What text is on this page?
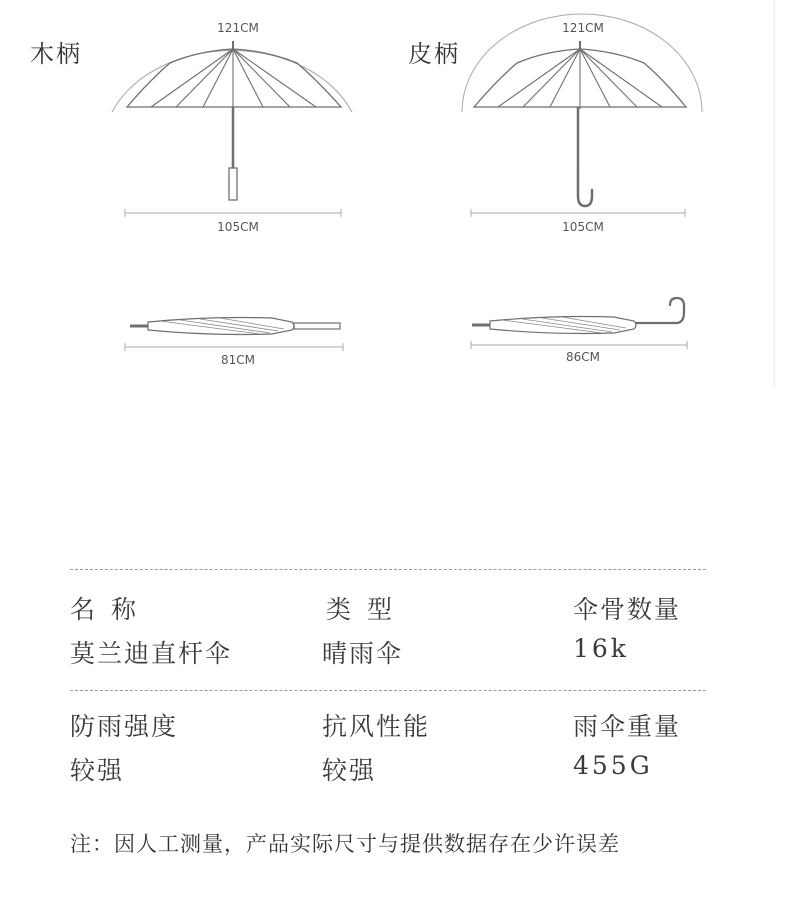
木柄
121CM
105CM
81CM
皮柄
121CM
105CM
86CM
名称	类型	伞骨数量
莫兰迪直杆伞	晴雨伞	16k
防雨强度	抗风性能	雨伞重量
较强	较强	455G
注：因人工测量，产品实际尺寸与提供数据存在少许误差
